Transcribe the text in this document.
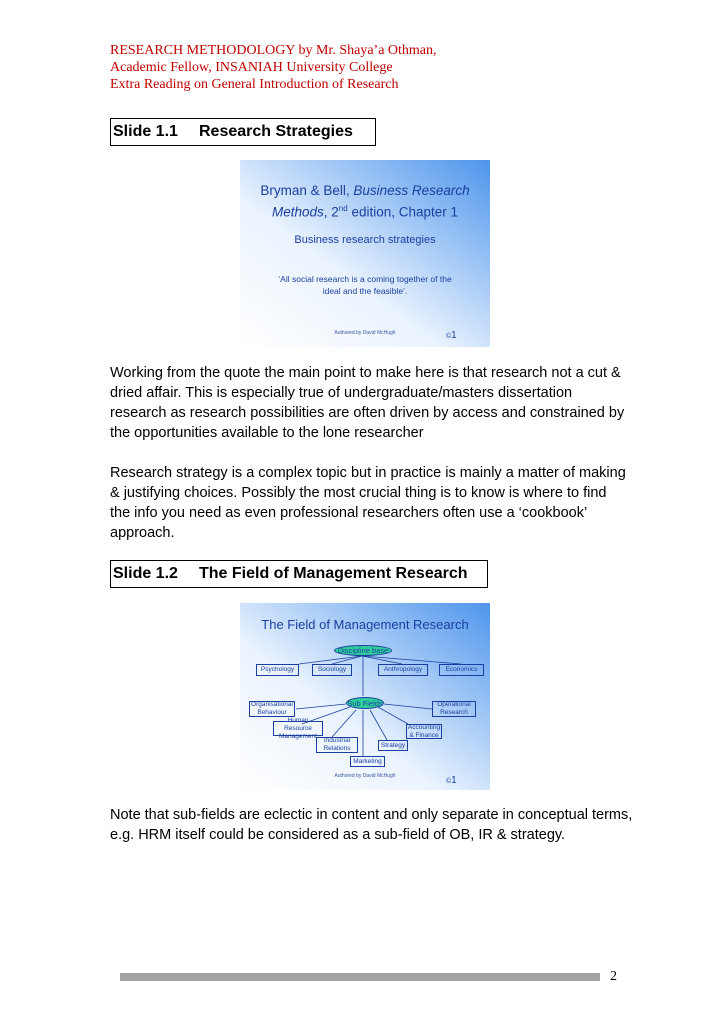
RESEARCH METHODOLOGY by Mr. Shaya’a Othman,
Academic Fellow, INSANIAH University College
Extra Reading on General Introduction of Research
Slide 1.1 Research Strategies
Bryman & Bell, Business Research
Methods, 2nd edition, Chapter 1
Business research strategies
‘All social research is a coming together of the
ideal and the feasible’.
Authored by David McHugh	©1
Working from the quote the main point to make here is that research not a cut & dried affair. This is especially true of undergraduate/masters dissertation research as research possibilities are often driven by access and constrained by the opportunities available to the lone researcher
Research strategy is a complex topic but in practice is mainly a matter of making & justifying choices. Possibly the most crucial thing is to know is where to find the info you need as even professional researchers often use a ‘cookbook’ approach.
Slide 1.2 The Field of Management Research
The Field of Management Research
Discipline base
Psychology	Sociology	Anthropology	Economics
Sub Fields
Organisational Behaviour
Operational Research
Human Resource Management
Accounting & Finance
Industrial Relations	Strategy
Marketing
Authored by David McHugh
©1
Note that sub-fields are eclectic in content and only separate in conceptual terms, e.g. HRM itself could be considered as a sub-field of OB, IR & strategy.
2
